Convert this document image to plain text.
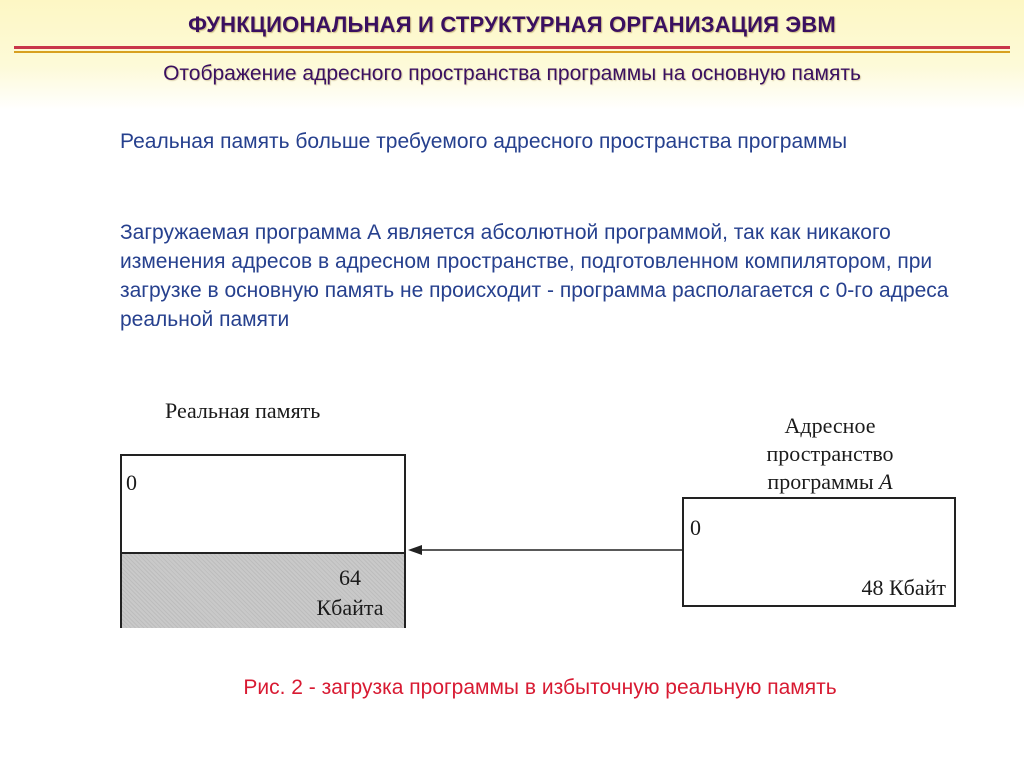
ФУНКЦИОНАЛЬНАЯ И СТРУКТУРНАЯ ОРГАНИЗАЦИЯ ЭВМ
Отображение адресного пространства программы на основную память

Реальная память больше требуемого адресного пространства программы

Загружаемая программа А является абсолютной программой, так как никакого изменения адресов в адресном пространстве, подготовленном компилятором, при загрузке в основную память не происходит - программа располагается с 0-го адреса реальной памяти

Реальная память
Адресное
пространство
программы A
0
64
Кбайта
0
48 Кбайт
Рис. 2 - загрузка программы в избыточную реальную память
